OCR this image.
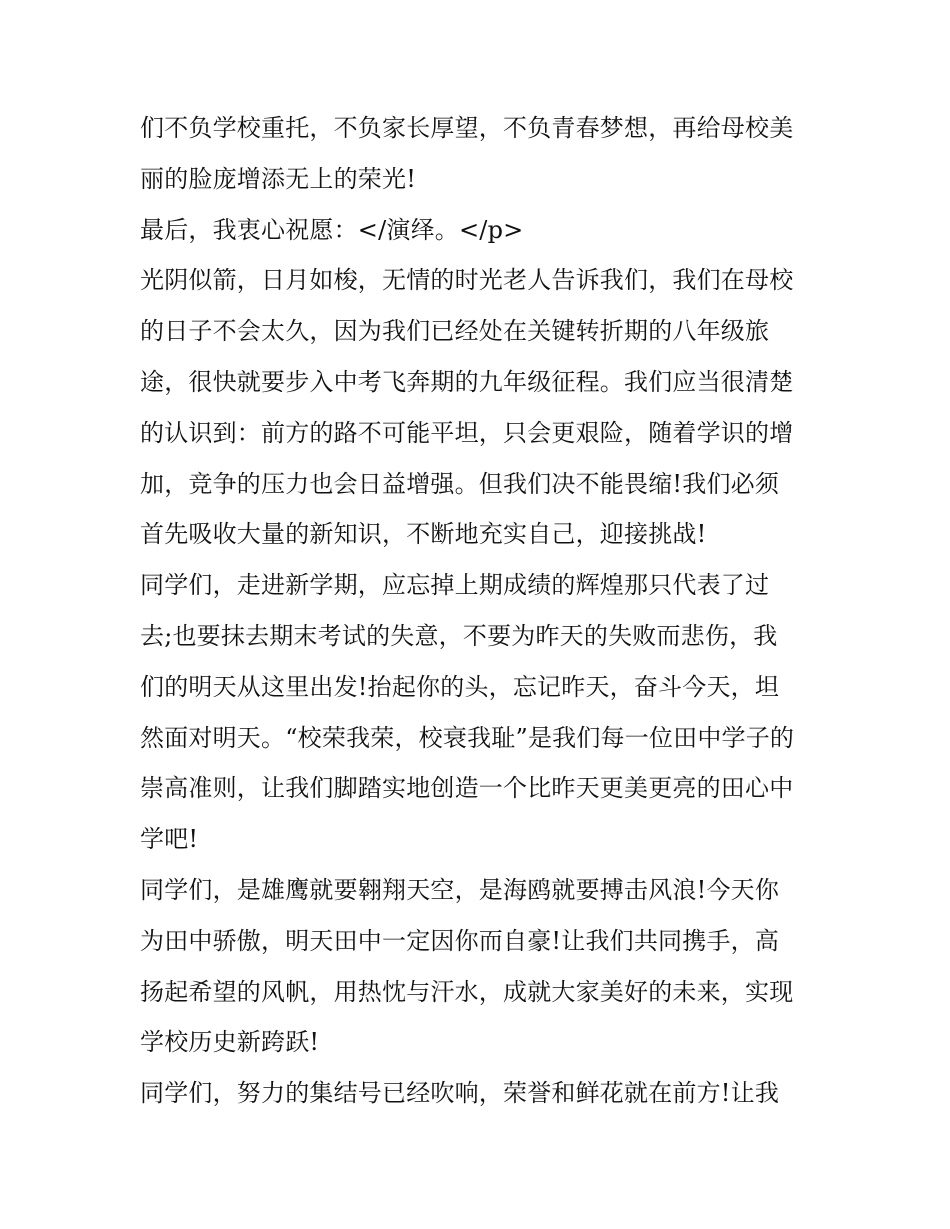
们不负学校重托，不负家长厚望，不负青春梦想，再给母校美
丽的脸庞增添无上的荣光!
最后，我衷心祝愿：</演绎。</p>
光阴似箭，日月如梭，无情的时光老人告诉我们，我们在母校
的日子不会太久，因为我们已经处在关键转折期的八年级旅
途，很快就要步入中考飞奔期的九年级征程。我们应当很清楚
的认识到：前方的路不可能平坦，只会更艰险，随着学识的增
加，竞争的压力也会日益增强。但我们决不能畏缩!我们必须
首先吸收大量的新知识，不断地充实自己，迎接挑战!
同学们，走进新学期，应忘掉上期成绩的辉煌那只代表了过
去;也要抹去期末考试的失意，不要为昨天的失败而悲伤，我
们的明天从这里出发!抬起你的头，忘记昨天，奋斗今天，坦
然面对明天。“校荣我荣，校衰我耻”是我们每一位田中学子的
崇高准则，让我们脚踏实地创造一个比昨天更美更亮的田心中
学吧!
同学们，是雄鹰就要翱翔天空，是海鸥就要搏击风浪!今天你
为田中骄傲，明天田中一定因你而自豪!让我们共同携手，高
扬起希望的风帆，用热忱与汗水，成就大家美好的未来，实现
学校历史新跨跃!
同学们，努力的集结号已经吹响，荣誉和鲜花就在前方!让我
